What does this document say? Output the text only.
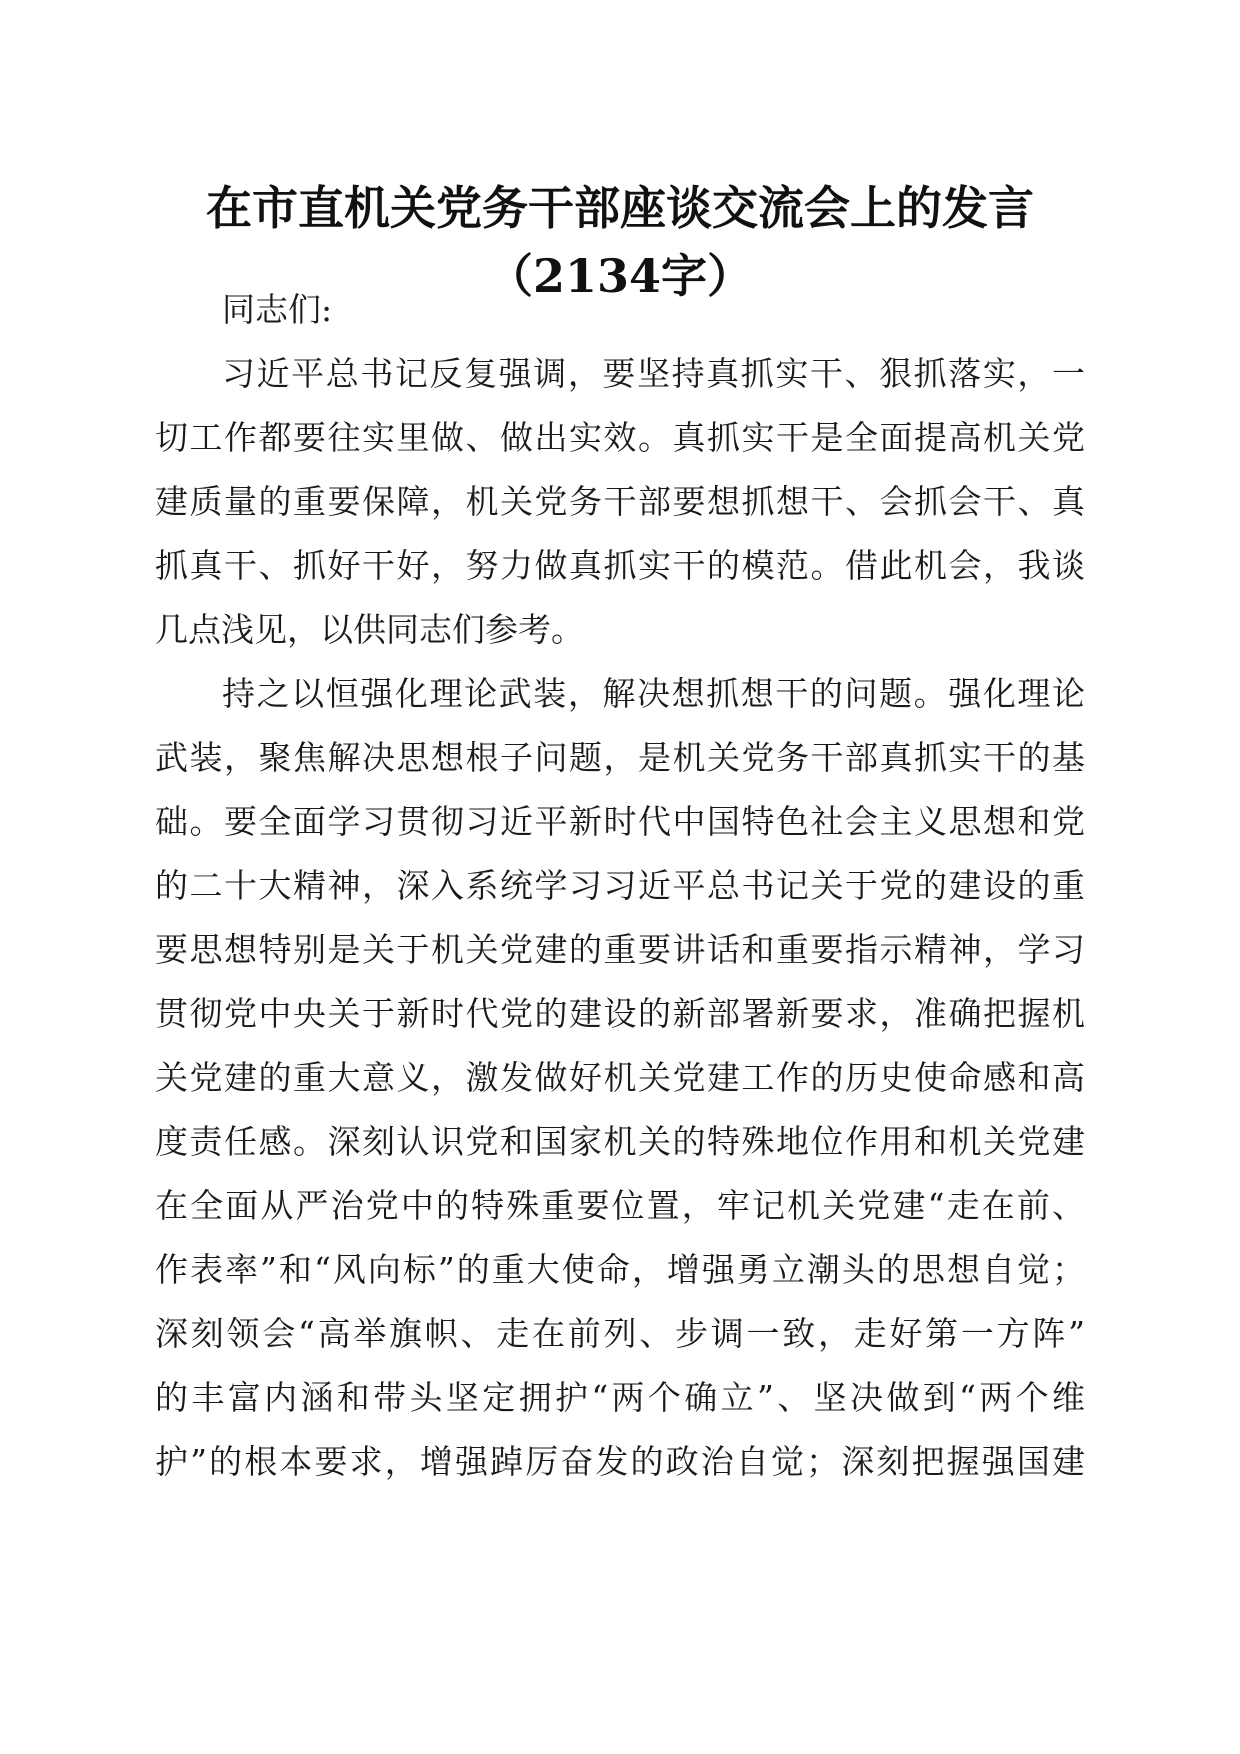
在市直机关党务干部座谈交流会上的发言
（2134字）
同志们:
习近平总书记反复强调，要坚持真抓实干、狠抓落实，一
切工作都要往实里做、做出实效。真抓实干是全面提高机关党
建质量的重要保障，机关党务干部要想抓想干、会抓会干、真
抓真干、抓好干好，努力做真抓实干的模范。借此机会，我谈
几点浅见，以供同志们参考。
持之以恒强化理论武装，解决想抓想干的问题。强化理论
武装，聚焦解决思想根子问题，是机关党务干部真抓实干的基
础。要全面学习贯彻习近平新时代中国特色社会主义思想和党
的二十大精神，深入系统学习习近平总书记关于党的建设的重
要思想特别是关于机关党建的重要讲话和重要指示精神，学习
贯彻党中央关于新时代党的建设的新部署新要求，准确把握机
关党建的重大意义，激发做好机关党建工作的历史使命感和高
度责任感。深刻认识党和国家机关的特殊地位作用和机关党建
在全面从严治党中的特殊重要位置，牢记机关党建“走在前、
作表率”和“风向标”的重大使命，增强勇立潮头的思想自觉；
深刻领会“高举旗帜、走在前列、步调一致，走好第一方阵”
的丰富内涵和带头坚定拥护“两个确立”、坚决做到“两个维
护”的根本要求，增强踔厉奋发的政治自觉；深刻把握强国建
